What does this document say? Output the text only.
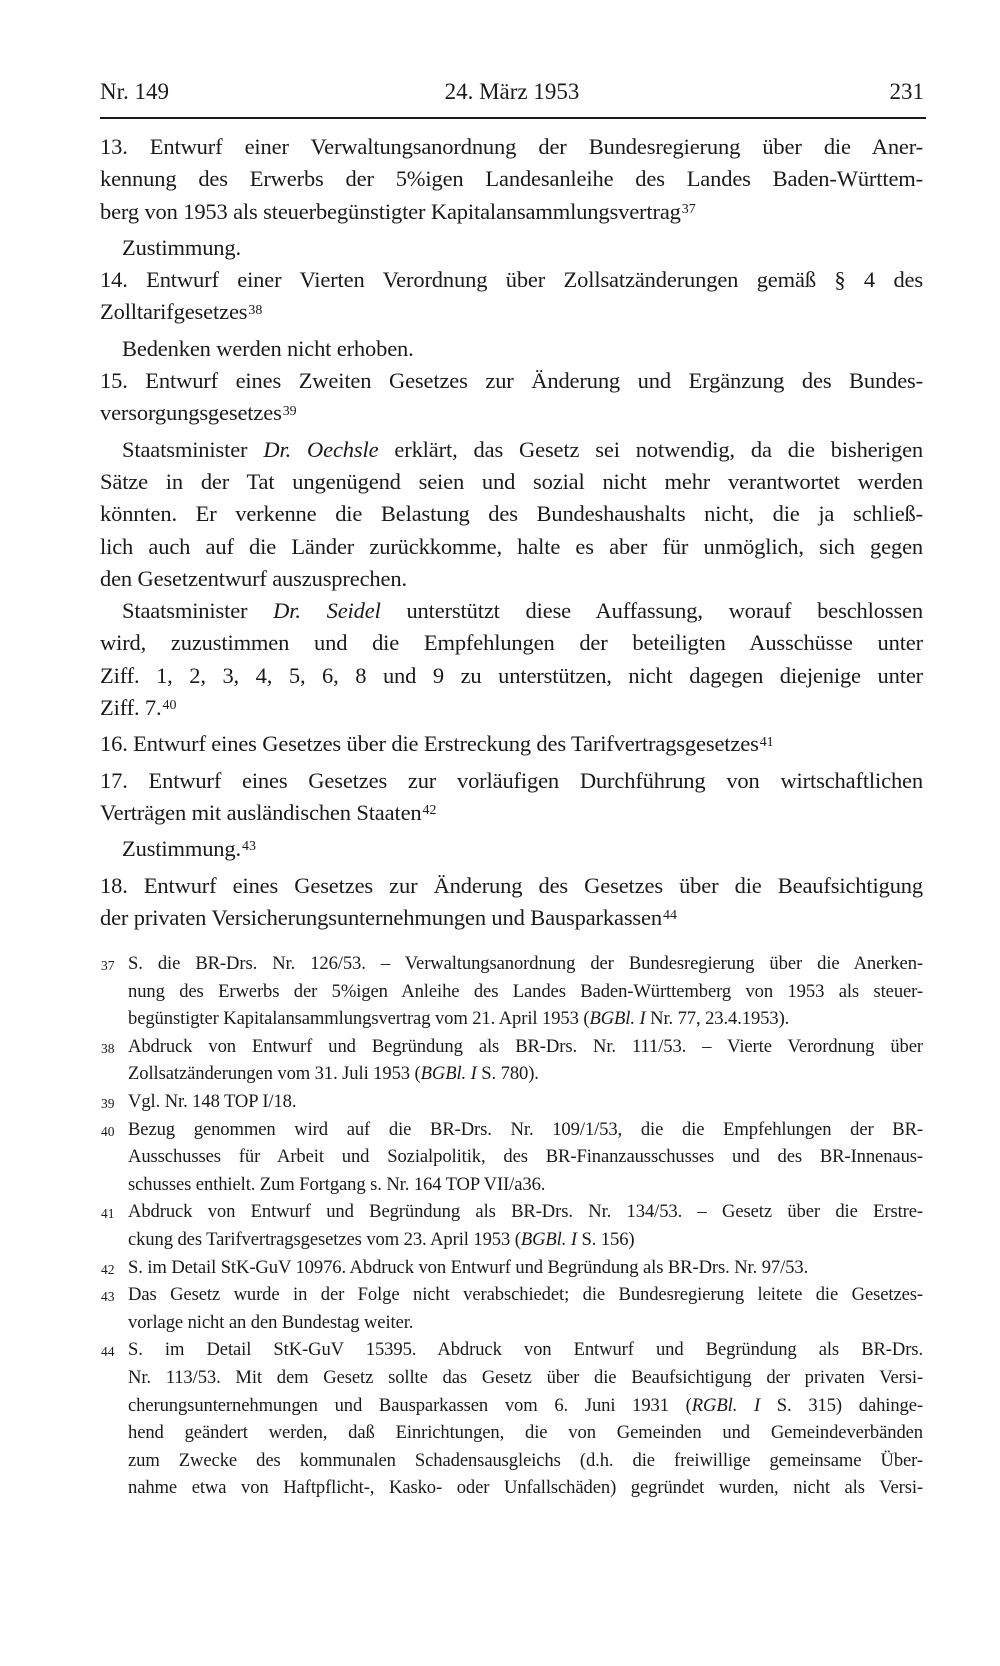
Nr. 149	24. März 1953	231
13. Entwurf einer Verwaltungsanordnung der Bundesregierung über die Aner-
kennung des Erwerbs der 5%igen Landesanleihe des Landes Baden-Württem-
berg von 1953 als steuerbegünstigter Kapitalansammlungsvertrag$^{37}$
Zustimmung.
14. Entwurf einer Vierten Verordnung über Zollsatzänderungen gemäß § 4 des
Zolltarifgesetzes$^{38}$
Bedenken werden nicht erhoben.
15. Entwurf eines Zweiten Gesetzes zur Änderung und Ergänzung des Bundes-
versorgungsgesetzes$^{39}$
Staatsminister Dr. Oechsle erklärt, das Gesetz sei notwendig, da die bisherigen
Sätze in der Tat ungenügend seien und sozial nicht mehr verantwortet werden
könnten. Er verkenne die Belastung des Bundeshaushalts nicht, die ja schließ-
lich auch auf die Länder zurückkomme, halte es aber für unmöglich, sich gegen
den Gesetzentwurf auszusprechen.
Staatsminister Dr. Seidel unterstützt diese Auffassung, worauf beschlossen
wird, zuzustimmen und die Empfehlungen der beteiligten Ausschüsse unter
Ziff. 1, 2, 3, 4, 5, 6, 8 und 9 zu unterstützen, nicht dagegen diejenige unter
Ziff. 7.40
16. Entwurf eines Gesetzes über die Erstreckung des Tarifvertragsgesetzes$^{41}$
17. Entwurf eines Gesetzes zur vorläufigen Durchführung von wirtschaftlichen
Verträgen mit ausländischen Staaten$^{42}$
Zustimmung.$^{43}$
18. Entwurf eines Gesetzes zur Änderung des Gesetzes über die Beaufsichtigung
der privaten Versicherungsunternehmungen und Bausparkassen$^{44}$
37 S. die BR-Drs. Nr. 126/53. – Verwaltungsanordnung der Bundesregierung über die Anerken-
nung des Erwerbs der 5%igen Anleihe des Landes Baden-Württemberg von 1953 als steuer-
begünstigter Kapitalansammlungsvertrag vom 21. April 1953 (BGBl. I Nr. 77, 23.4.1953).
38 Abdruck von Entwurf und Begründung als BR-Drs. Nr. 111/53. – Vierte Verordnung über
Zollsatzänderungen vom 31. Juli 1953 (BGBl. I S. 780).
39 Vgl. Nr. 148 TOP I/18.
40 Bezug genommen wird auf die BR-Drs. Nr. 109/1/53, die die Empfehlungen der BR-
Ausschusses für Arbeit und Sozialpolitik, des BR-Finanzausschusses und des BR-Innenaus-
schusses enthielt. Zum Fortgang s. Nr. 164 TOP VII/a36.
41 Abdruck von Entwurf und Begründung als BR-Drs. Nr. 134/53. – Gesetz über die Erstre-
ckung des Tarifvertragsgesetzes vom 23. April 1953 (BGBl. I S. 156)
42 S. im Detail StK-GuV 10976. Abdruck von Entwurf und Begründung als BR-Drs. Nr. 97/53.
43 Das Gesetz wurde in der Folge nicht verabschiedet; die Bundesregierung leitete die Gesetzes-
vorlage nicht an den Bundestag weiter.
44 S. im Detail StK-GuV 15395. Abdruck von Entwurf und Begründung als BR-Drs.
Nr. 113/53. Mit dem Gesetz sollte das Gesetz über die Beaufsichtigung der privaten Versi-
cherungsunternehmungen und Bausparkassen vom 6. Juni 1931 (RGBl. I S. 315) dahinge-
hend geändert werden, daß Einrichtungen, die von Gemeinden und Gemeindeverbänden
zum Zwecke des kommunalen Schadensausgleichs (d.h. die freiwillige gemeinsame Über-
nahme etwa von Haftpflicht-, Kasko- oder Unfallschäden) gegründet wurden, nicht als Versi-
